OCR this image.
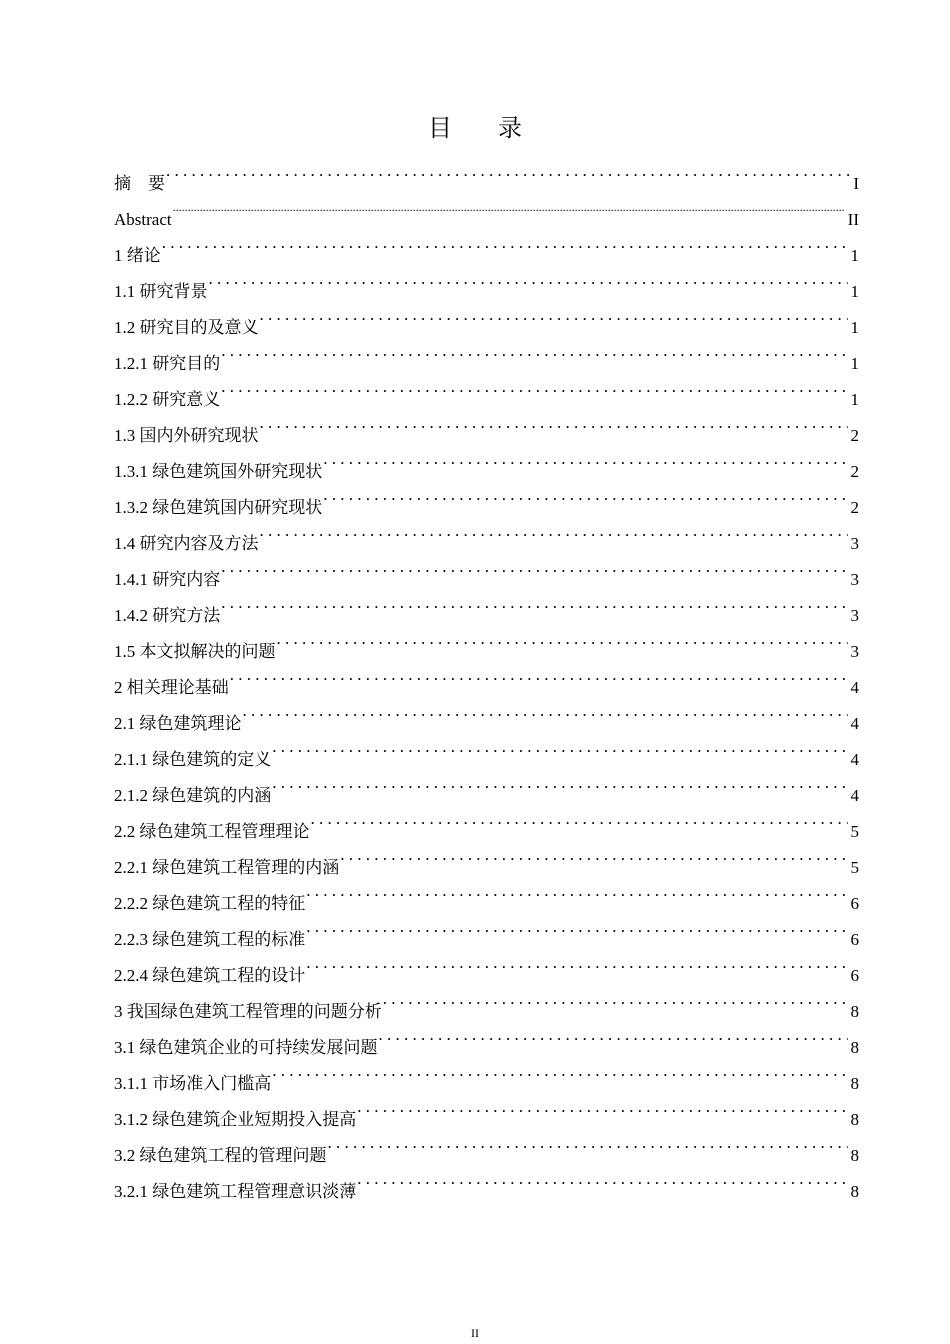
目 录
摘　要 . . .	I
Abstract .....	II
1 绪论 . . .	1
1.1 研究背景 . . .	1
1.2 研究目的及意义 . . .	1
1.2.1 研究目的 . . .	1
1.2.2 研究意义 . . .	1
1.3 国内外研究现状 . . .	2
1.3.1 绿色建筑国外研究现状 . . .	2
1.3.2 绿色建筑国内研究现状 . . .	2
1.4 研究内容及方法 . . .	3
1.4.1 研究内容 . . .	3
1.4.2 研究方法 . . .	3
1.5 本文拟解决的问题 . . .	3
2 相关理论基础 . . .	4
2.1 绿色建筑理论 . . .	4
2.1.1 绿色建筑的定义 . . .	4
2.1.2 绿色建筑的内涵 . . .	4
2.2 绿色建筑工程管理理论 . . .	5
2.2.1 绿色建筑工程管理的内涵 . . .	5
2.2.2 绿色建筑工程的特征 . . .	6
2.2.3 绿色建筑工程的标准 . . .	6
2.2.4 绿色建筑工程的设计 . . .	6
3 我国绿色建筑工程管理的问题分析 . . .	8
3.1 绿色建筑企业的可持续发展问题 . . .	8
3.1.1 市场准入门槛高 . . .	8
3.1.2 绿色建筑企业短期投入提高 . . .	8
3.2 绿色建筑工程的管理问题 . . .	8
3.2.1 绿色建筑工程管理意识淡薄 . . .	8
II
